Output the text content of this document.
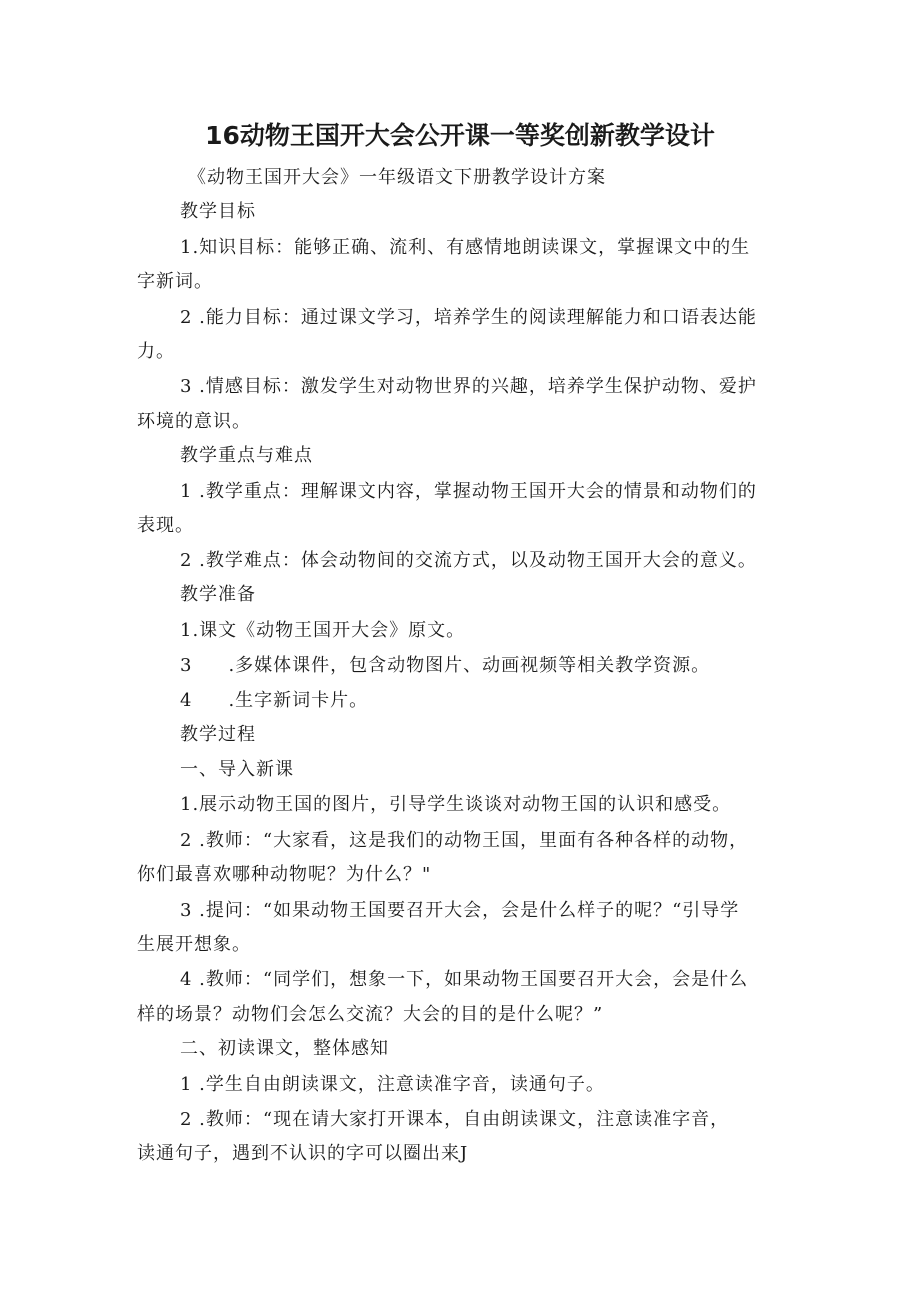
16动物王国开大会公开课一等奖创新教学设计
《动物王国开大会》一年级语文下册教学设计方案
教学目标
1.知识目标：能够正确、流利、有感情地朗读课文，掌握课文中的生
字新词。
2 .能力目标：通过课文学习，培养学生的阅读理解能力和口语表达能
力。
3 .情感目标：激发学生对动物世界的兴趣，培养学生保护动物、爱护
环境的意识。
教学重点与难点
1 .教学重点：理解课文内容，掌握动物王国开大会的情景和动物们的
表现。
2 .教学难点：体会动物间的交流方式，以及动物王国开大会的意义。
教学准备
1.课文《动物王国开大会》原文。
3 .多媒体课件，包含动物图片、动画视频等相关教学资源。
4 .生字新词卡片。
教学过程
一、导入新课
1.展示动物王国的图片，引导学生谈谈对动物王国的认识和感受。
2 .教师：“大家看，这是我们的动物王国，里面有各种各样的动物，
你们最喜欢哪种动物呢？为什么？"
3 .提问：“如果动物王国要召开大会，会是什么样子的呢？“引导学
生展开想象。
4 .教师：“同学们，想象一下，如果动物王国要召开大会，会是什么
样的场景？动物们会怎么交流？大会的目的是什么呢？”
二、初读课文，整体感知
1 .学生自由朗读课文，注意读准字音，读通句子。
2 .教师：“现在请大家打开课本，自由朗读课文，注意读准字音，
读通句子，遇到不认识的字可以圈出来J
